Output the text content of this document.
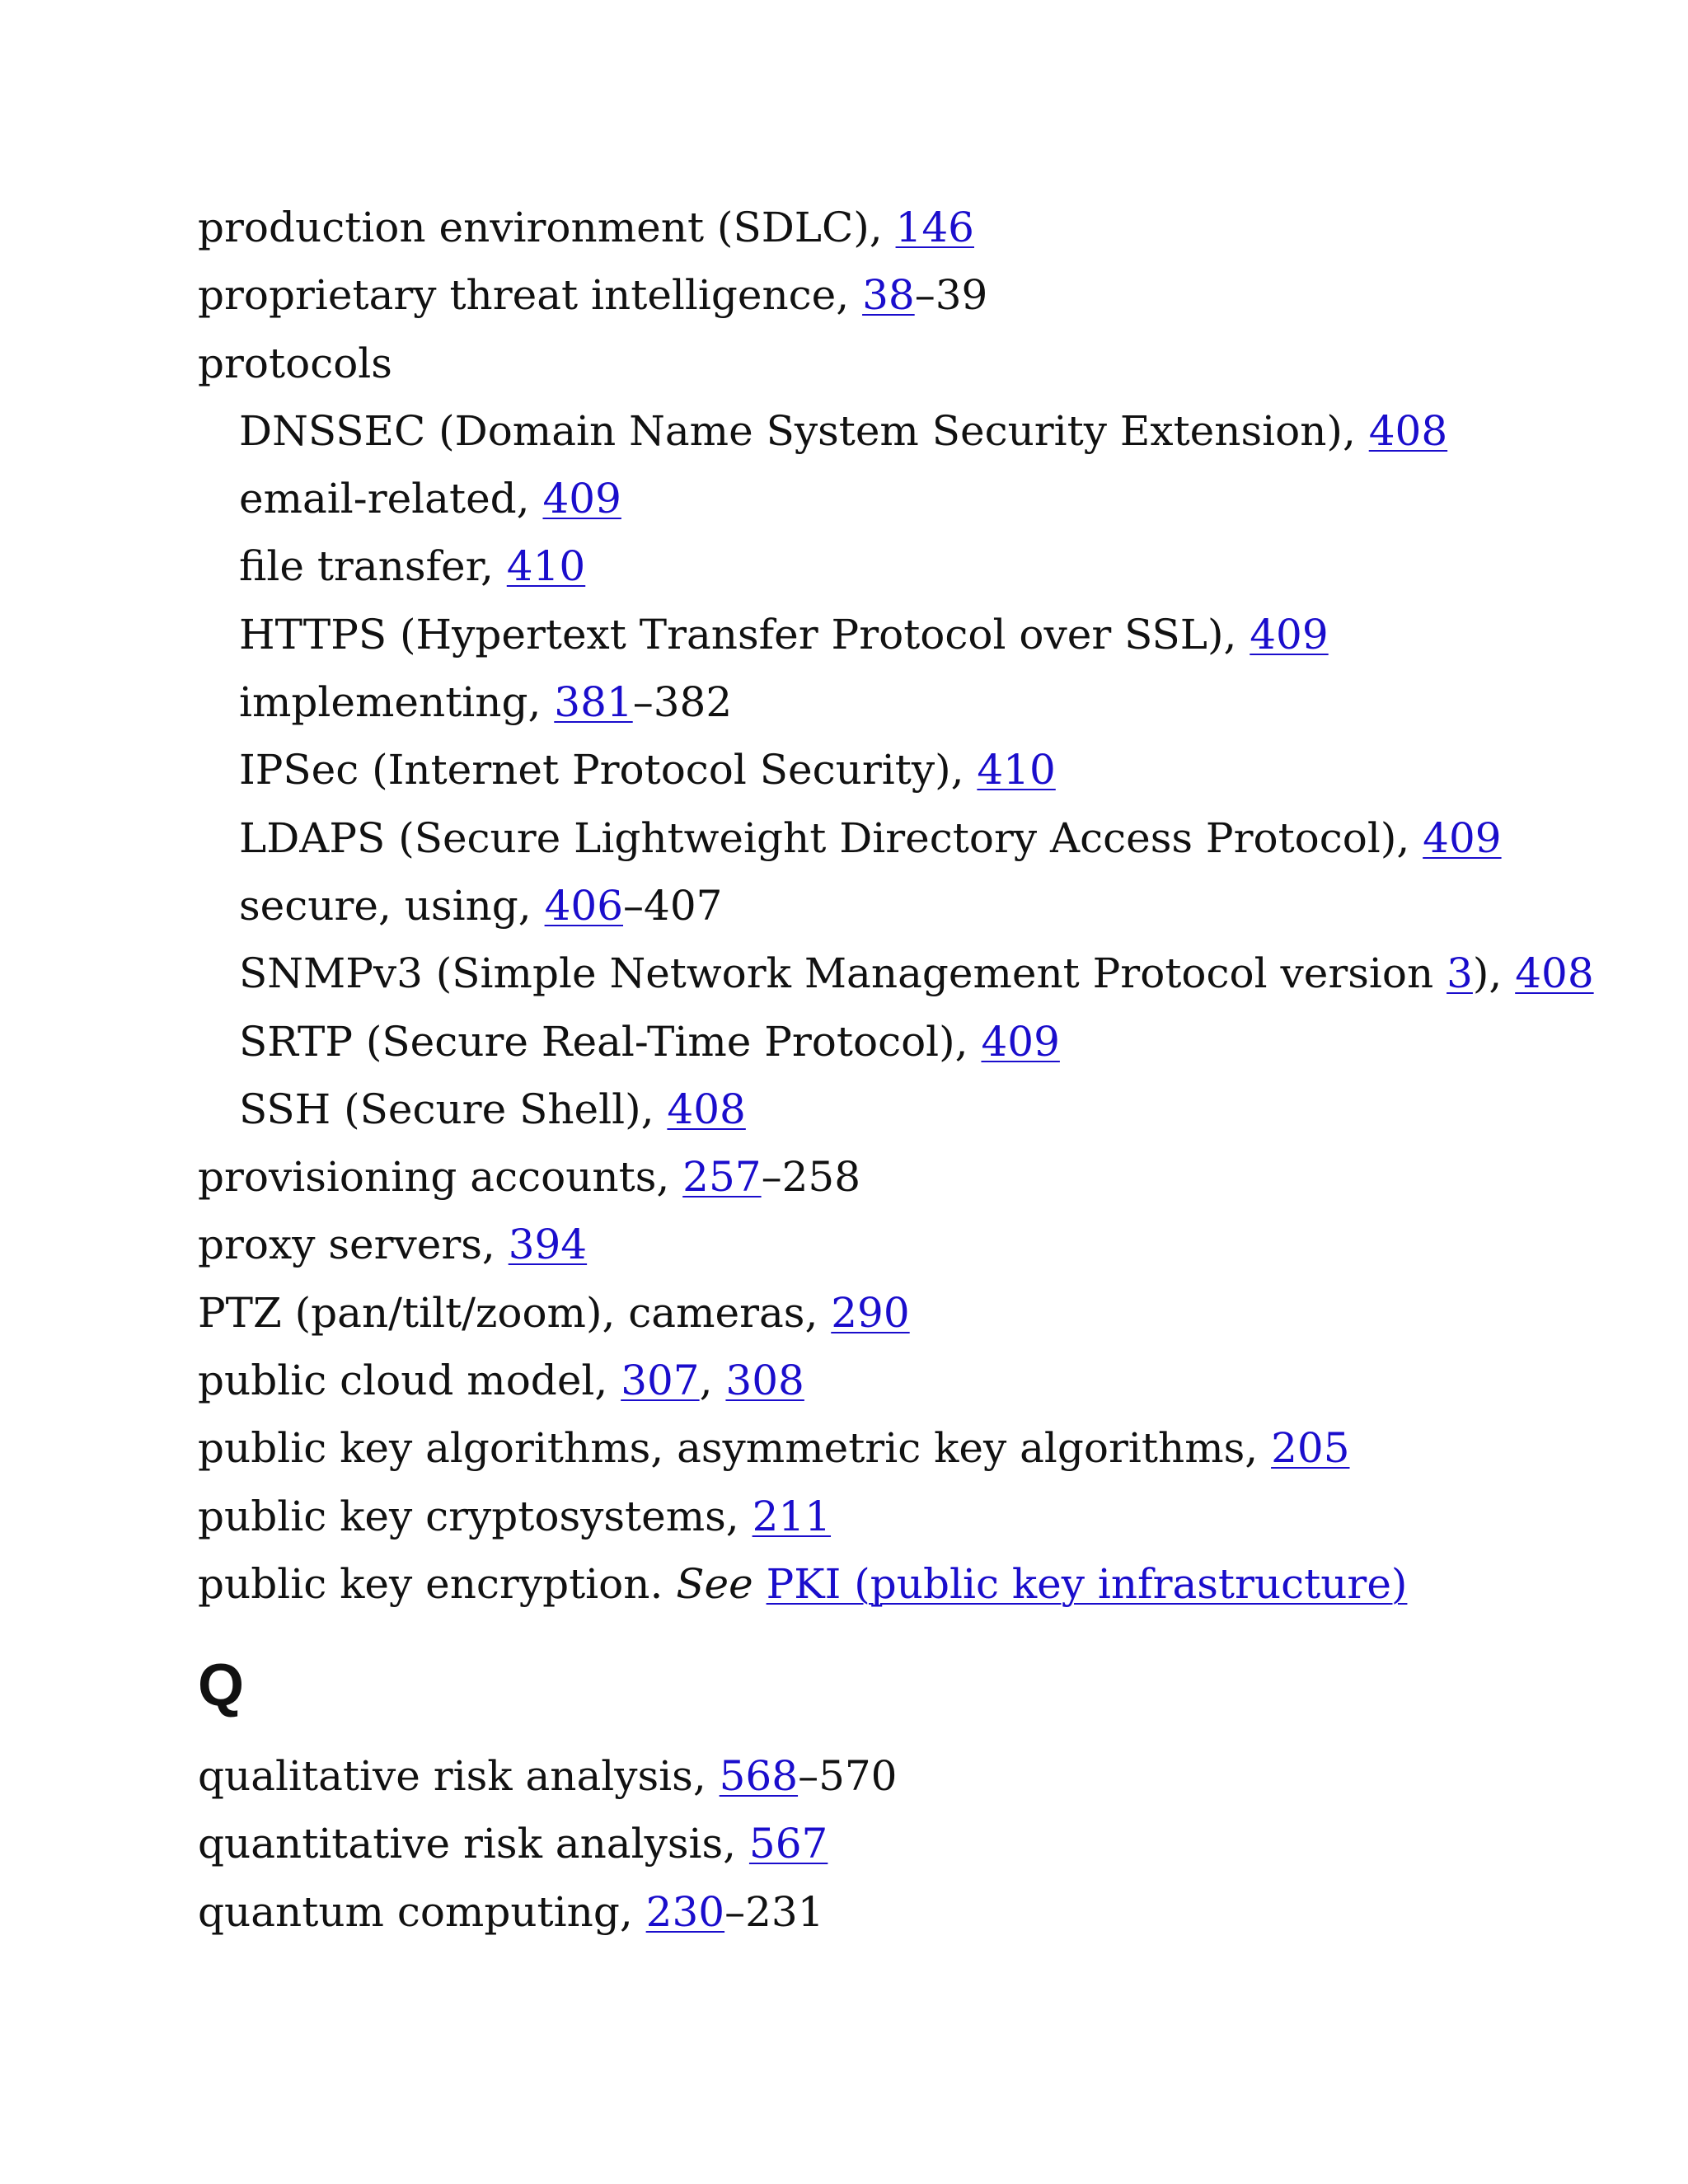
production environment (SDLC), 146
proprietary threat intelligence, 38–39
protocols
DNSSEC (Domain Name System Security Extension), 408
email-related, 409
file transfer, 410
HTTPS (Hypertext Transfer Protocol over SSL), 409
implementing, 381–382
IPSec (Internet Protocol Security), 410
LDAPS (Secure Lightweight Directory Access Protocol), 409
secure, using, 406–407
SNMPv3 (Simple Network Management Protocol version 3), 408
SRTP (Secure Real-Time Protocol), 409
SSH (Secure Shell), 408
provisioning accounts, 257–258
proxy servers, 394
PTZ (pan/tilt/zoom), cameras, 290
public cloud model, 307, 308
public key algorithms, asymmetric key algorithms, 205
public key cryptosystems, 211
public key encryption. See PKI (public key infrastructure)
Q
qualitative risk analysis, 568–570
quantitative risk analysis, 567
quantum computing, 230–231
